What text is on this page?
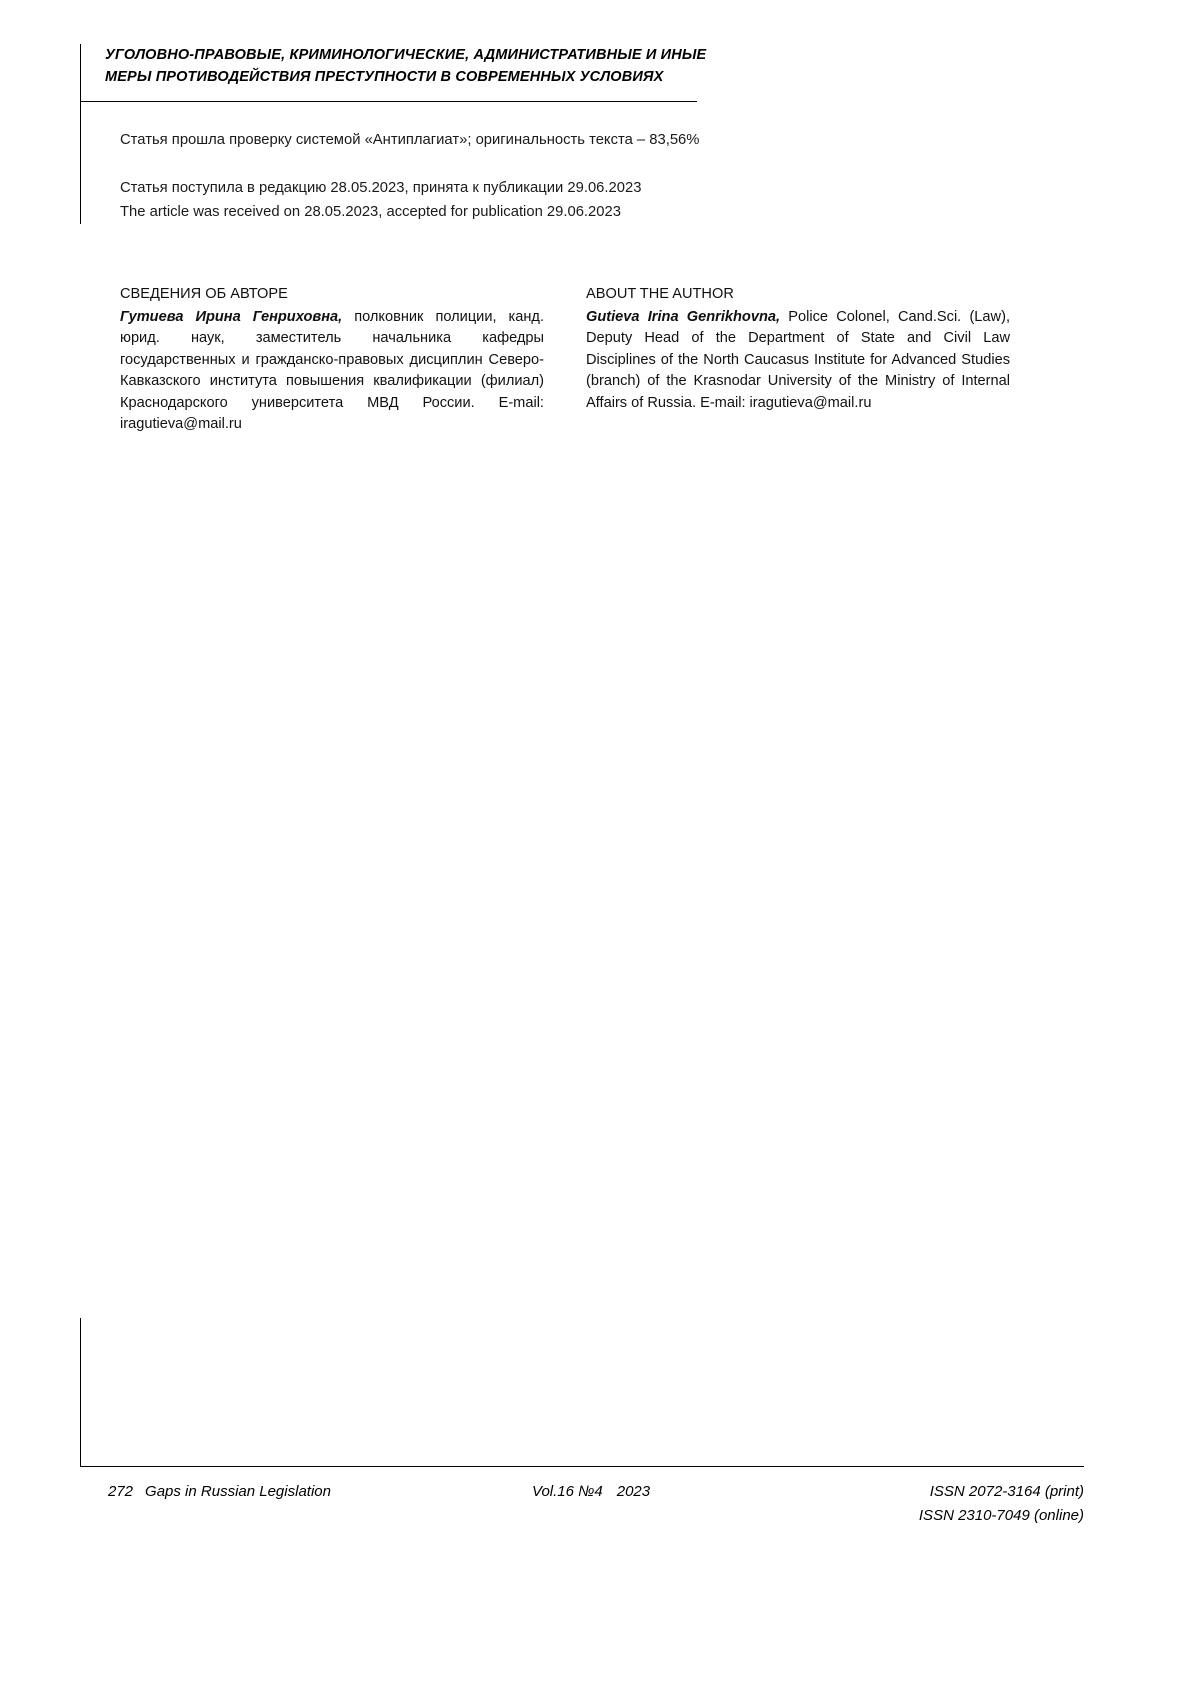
УГОЛОВНО-ПРАВОВЫЕ, КРИМИНОЛОГИЧЕСКИЕ, АДМИНИСТРАТИВНЫЕ И ИНЫЕ
МЕРЫ ПРОТИВОДЕЙСТВИЯ ПРЕСТУПНОСТИ В СОВРЕМЕННЫХ УСЛОВИЯХ
Статья прошла проверку системой «Антиплагиат»; оригинальность текста – 83,56%
Статья поступила в редакцию 28.05.2023, принята к публикации 29.06.2023
The article was received on 28.05.2023, accepted for publication 29.06.2023
СВЕДЕНИЯ ОБ АВТОРЕ
Гутиева Ирина Генриховна, полковник полиции, канд. юрид. наук, заместитель начальника кафедры государственных и гражданско-правовых дисциплин Северо-Кавказского института повышения квалификации (филиал) Краснодарского университета МВД России. E-mail: iragutieva@mail.ru
ABOUT THE AUTHOR
Gutieva Irina Genrikhovna, Police Colonel, Cand.Sci. (Law), Deputy Head of the Department of State and Civil Law Disciplines of the North Caucasus Institute for Advanced Studies (branch) of the Krasnodar University of the Ministry of Internal Affairs of Russia. E-mail: iragutieva@mail.ru
272 Gaps in Russian Legislation	Vol.16 №4 2023	ISSN 2072-3164 (print)
ISSN 2310-7049 (online)
